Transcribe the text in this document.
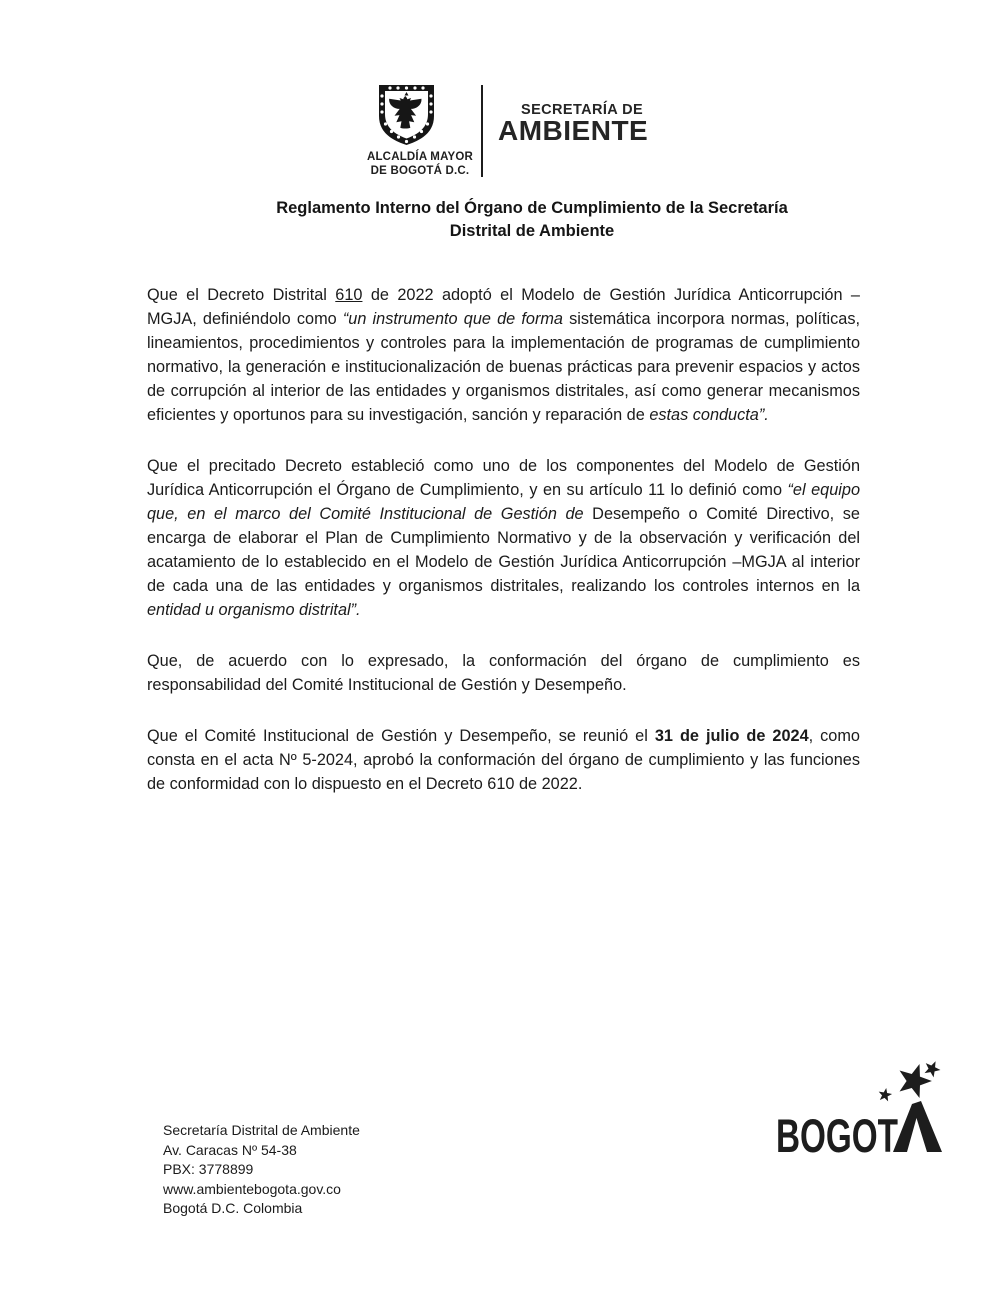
ALCALDÍA MAYOR
DE BOGOTÁ D.C.
SECRETARÍA DE
AMBIENTE
Reglamento Interno del Órgano de Cumplimiento de la Secretaría
Distrital de Ambiente

Que el Decreto Distrital 610 de 2022 adoptó el Modelo de Gestión Jurídica Anticorrupción – MGJA, definiéndolo como “un instrumento que de forma sistemática incorpora normas, políticas, lineamientos, procedimientos y controles para la implementación de programas de cumplimiento normativo, la generación e institucionalización de buenas prácticas para prevenir espacios y actos de corrupción al interior de las entidades y organismos distritales, así como generar mecanismos eficientes y oportunos para su investigación, sanción y reparación de estas conducta”.

Que el precitado Decreto estableció como uno de los componentes del Modelo de Gestión Jurídica Anticorrupción el Órgano de Cumplimiento, y en su artículo 11 lo definió como “el equipo que, en el marco del Comité Institucional de Gestión de Desempeño o Comité Directivo, se encarga de elaborar el Plan de Cumplimiento Normativo y de la observación y verificación del acatamiento de lo establecido en el Modelo de Gestión Jurídica Anticorrupción –MGJA al interior de cada una de las entidades y organismos distritales, realizando los controles internos en la entidad u organismo distrital”.

Que, de acuerdo con lo expresado, la conformación del órgano de cumplimiento es responsabilidad del Comité Institucional de Gestión y Desempeño.

Que el Comité Institucional de Gestión y Desempeño, se reunió el 31 de julio de 2024, como consta en el acta Nº 5-2024, aprobó la conformación del órgano de cumplimiento y las funciones de conformidad con lo dispuesto en el Decreto 610 de 2022.

Secretaría Distrital de Ambiente
Av. Caracas Nº 54-38
PBX: 3778899
www.ambientebogota.gov.co
Bogotá D.C. Colombia
BOGOT
